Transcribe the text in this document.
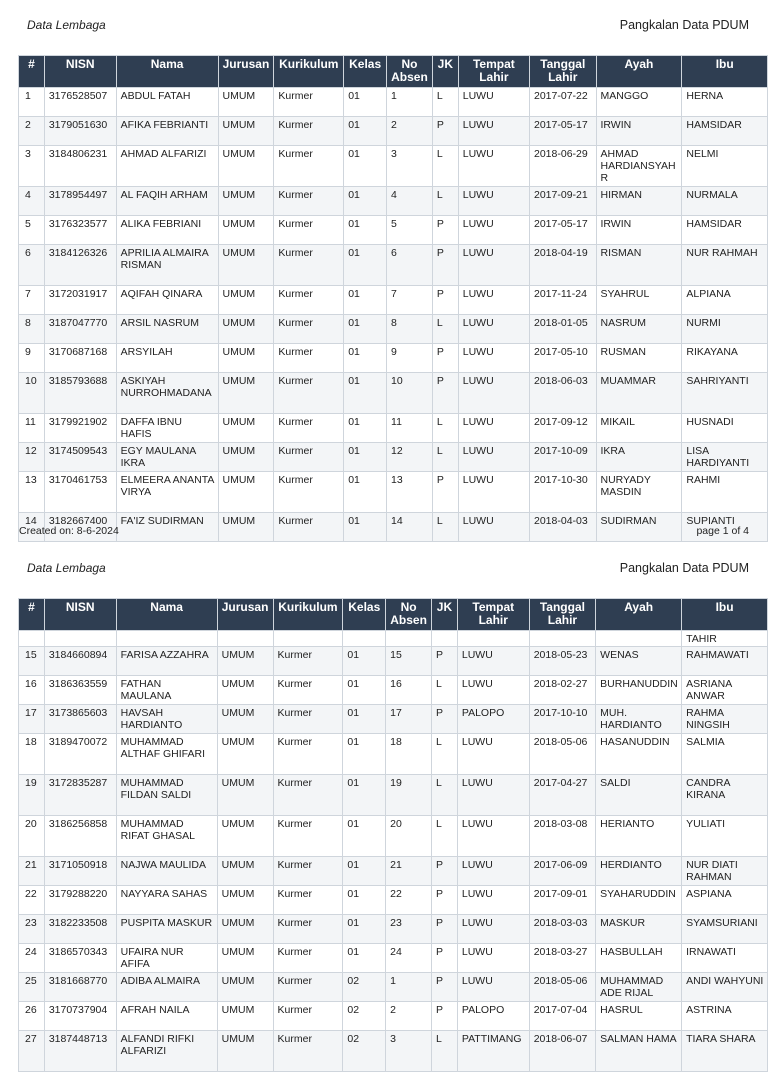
Data Lembaga	Pangkalan Data PDUM
#	NISN	Nama	Jurusan	Kurikulum	Kelas	No Absen	JK	Tempat Lahir	Tanggal Lahir	Ayah	Ibu
1	3176528507	ABDUL FATAH	UMUM	Kurmer	01	1	L	LUWU	2017-07-22	MANGGO	HERNA
2	3179051630	AFIKA FEBRIANTI	UMUM	Kurmer	01	2	P	LUWU	2017-05-17	IRWIN	HAMSIDAR
3	3184806231	AHMAD ALFARIZI	UMUM	Kurmer	01	3	L	LUWU	2018-06-29	AHMAD HARDIANSYAH R	NELMI
4	3178954497	AL FAQIH ARHAM	UMUM	Kurmer	01	4	L	LUWU	2017-09-21	HIRMAN	NURMALA
5	3176323577	ALIKA FEBRIANI	UMUM	Kurmer	01	5	P	LUWU	2017-05-17	IRWIN	HAMSIDAR
6	3184126326	APRILIA ALMAIRA RISMAN	UMUM	Kurmer	01	6	P	LUWU	2018-04-19	RISMAN	NUR RAHMAH
7	3172031917	AQIFAH QINARA	UMUM	Kurmer	01	7	P	LUWU	2017-11-24	SYAHRUL	ALPIANA
8	3187047770	ARSIL NASRUM	UMUM	Kurmer	01	8	L	LUWU	2018-01-05	NASRUM	NURMI
9	3170687168	ARSYILAH	UMUM	Kurmer	01	9	P	LUWU	2017-05-10	RUSMAN	RIKAYANA
10	3185793688	ASKIYAH NURROHMADANA	UMUM	Kurmer	01	10	P	LUWU	2018-06-03	MUAMMAR	SAHRIYANTI
11	3179921902	DAFFA IBNU HAFIS	UMUM	Kurmer	01	11	L	LUWU	2017-09-12	MIKAIL	HUSNADI
12	3174509543	EGY MAULANA IKRA	UMUM	Kurmer	01	12	L	LUWU	2017-10-09	IKRA	LISA HARDIYANTI
13	3170461753	ELMEERA ANANTA VIRYA	UMUM	Kurmer	01	13	P	LUWU	2017-10-30	NURYADY MASDIN	RAHMI
14	3182667400	FA'IZ SUDIRMAN	UMUM	Kurmer	01	14	L	LUWU	2018-04-03	SUDIRMAN	SUPIANTI
Created on: 8-6-2024	page 1 of 4
Data Lembaga	Pangkalan Data PDUM
#	NISN	Nama	Jurusan	Kurikulum	Kelas	No Absen	JK	Tempat Lahir	Tanggal Lahir	Ayah	Ibu
											TAHIR
15	3184660894	FARISA AZZAHRA	UMUM	Kurmer	01	15	P	LUWU	2018-05-23	WENAS	RAHMAWATI
16	3186363559	FATHAN MAULANA	UMUM	Kurmer	01	16	L	LUWU	2018-02-27	BURHANUDDIN	ASRIANA ANWAR
17	3173865603	HAVSAH HARDIANTO	UMUM	Kurmer	01	17	P	PALOPO	2017-10-10	MUH. HARDIANTO	RAHMA NINGSIH
18	3189470072	MUHAMMAD ALTHAF GHIFARI	UMUM	Kurmer	01	18	L	LUWU	2018-05-06	HASANUDDIN	SALMIA
19	3172835287	MUHAMMAD FILDAN SALDI	UMUM	Kurmer	01	19	L	LUWU	2017-04-27	SALDI	CANDRA KIRANA
20	3186256858	MUHAMMAD RIFAT GHASAL	UMUM	Kurmer	01	20	L	LUWU	2018-03-08	HERIANTO	YULIATI
21	3171050918	NAJWA MAULIDA	UMUM	Kurmer	01	21	P	LUWU	2017-06-09	HERDIANTO	NUR DIATI RAHMAN
22	3179288220	NAYYARA SAHAS	UMUM	Kurmer	01	22	P	LUWU	2017-09-01	SYAHARUDDIN	ASPIANA
23	3182233508	PUSPITA MASKUR	UMUM	Kurmer	01	23	P	LUWU	2018-03-03	MASKUR	SYAMSURIANI
24	3186570343	UFAIRA NUR AFIFA	UMUM	Kurmer	01	24	P	LUWU	2018-03-27	HASBULLAH	IRNAWATI
25	3181668770	ADIBA ALMAIRA	UMUM	Kurmer	02	1	P	LUWU	2018-05-06	MUHAMMAD ADE RIJAL	ANDI WAHYUNI
26	3170737904	AFRAH NAILA	UMUM	Kurmer	02	2	P	PALOPO	2017-07-04	HASRUL	ASTRINA
27	3187448713	ALFANDI RIFKI ALFARIZI	UMUM	Kurmer	02	3	L	PATTIMANG	2018-06-07	SALMAN HAMA	TIARA SHARA
